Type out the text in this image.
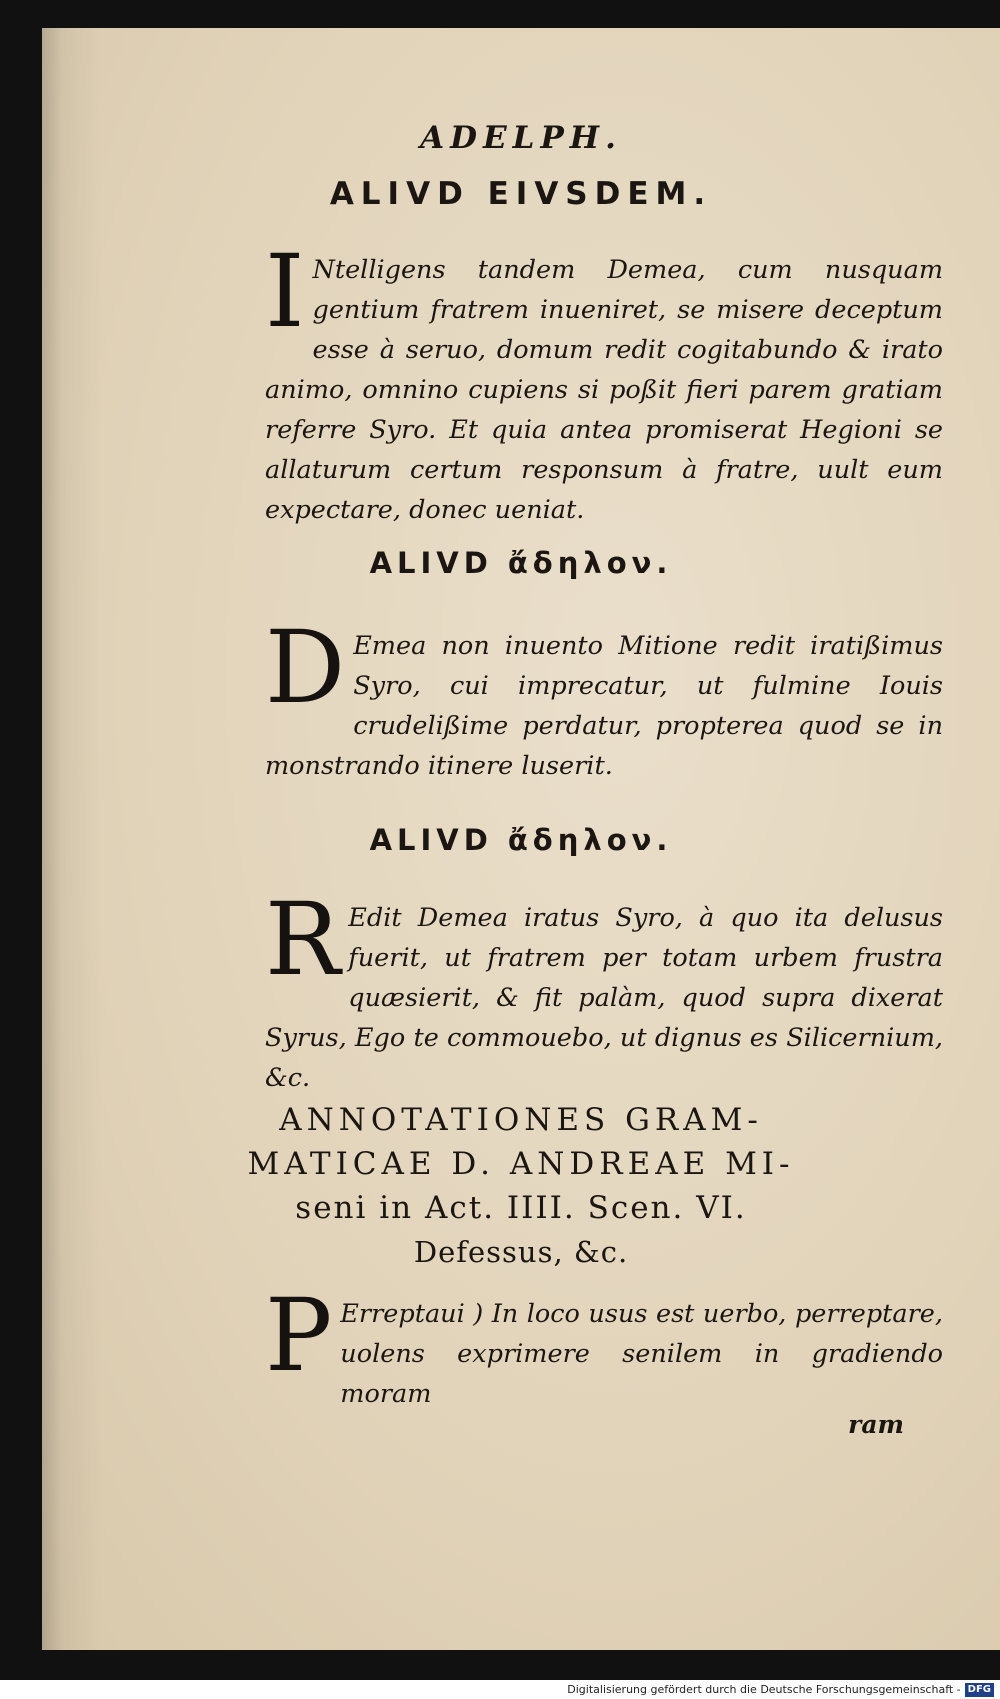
ADELPH.
ALIVD EIVSDEM.
I Ntelligens tandem Demea, cum nusquam gentium fratrem inueniret, se misere deceptum esse à seruo, domum redit cogitabundo & irato animo, omnino cupiens si poßit fieri parem gratiam referre Syro. Et quia antea promiserat Hegioni se allaturum certum responsum à fratre, uult eum expectare, donec ueniat.
ALIVD ἄδηλον.
D Emea non inuento Mitione redit iratißimus Syro, cui imprecatur, ut fulmine Iouis crudelißime perdatur, propterea quod se in monstrando itinere luserit.
ALIVD ἄδηλον.
R Edit Demea iratus Syro, à quo ita delusus fuerit, ut fratrem per totam urbem frustra quæsierit, & fit palàm, quod supra dixerat Syrus, Ego te commouebo, ut dignus es Silicernium, &c.
ANNOTATIONES GRAM-
MATICAE D. ANDREAE MI-
seni in Act. IIII. Scen. VI.
Defessus, &c.
P Erreptaui ) In loco usus est uerbo, perreptare, uolens exprimere senilem in gradiendo moram
ram
Digitalisierung gefördert durch die Deutsche Forschungsgemeinschaft - DFG
